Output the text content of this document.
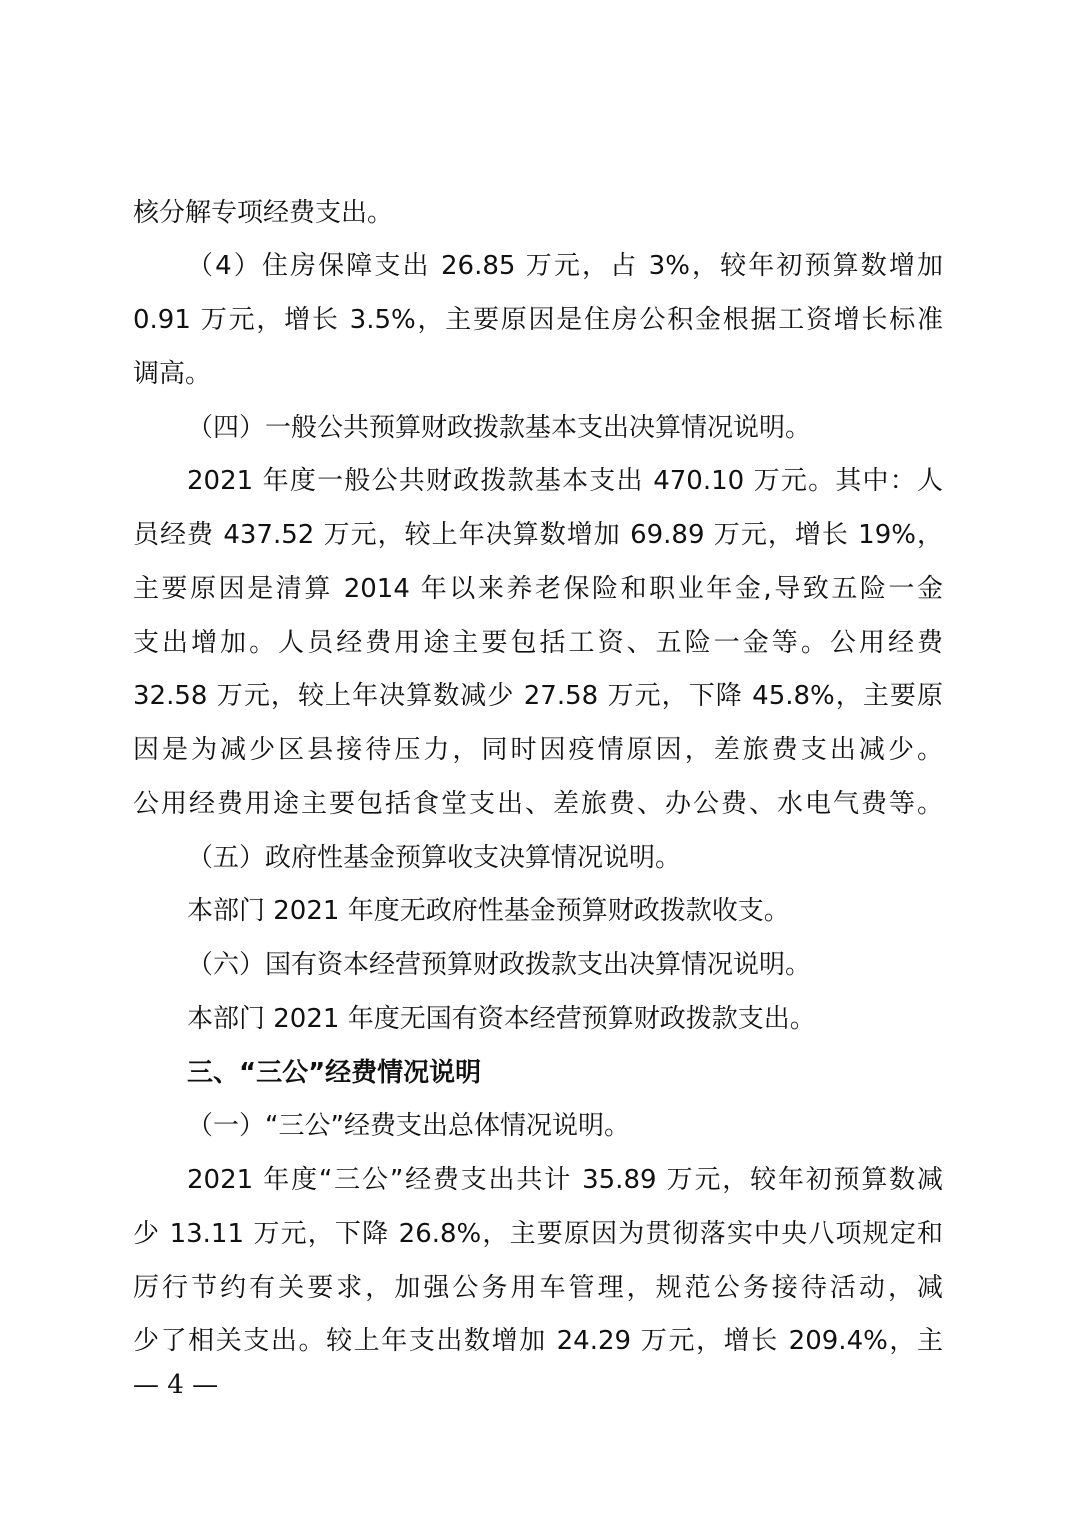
核分解专项经费支出。
（4）住房保障支出 26.85 万元，占 3%，较年初预算数增加
0.91 万元，增长 3.5%，主要原因是住房公积金根据工资增长标准
调高。
（四）一般公共预算财政拨款基本支出决算情况说明。
2021 年度一般公共财政拨款基本支出 470.10 万元。其中：人
员经费 437.52 万元，较上年决算数增加 69.89 万元，增长 19%，
主要原因是清算 2014 年以来养老保险和职业年金,导致五险一金
支出增加。人员经费用途主要包括工资、五险一金等。公用经费
32.58 万元，较上年决算数减少 27.58 万元，下降 45.8%，主要原
因是为减少区县接待压力，同时因疫情原因，差旅费支出减少。
公用经费用途主要包括食堂支出、差旅费、办公费、水电气费等。
（五）政府性基金预算收支决算情况说明。
本部门 2021 年度无政府性基金预算财政拨款收支。
（六）国有资本经营预算财政拨款支出决算情况说明。
本部门 2021 年度无国有资本经营预算财政拨款支出。
三、“三公”经费情况说明
（一）“三公”经费支出总体情况说明。
2021 年度“三公”经费支出共计 35.89 万元，较年初预算数减
少 13.11 万元，下降 26.8%，主要原因为贯彻落实中央八项规定和
厉行节约有关要求，加强公务用车管理，规范公务接待活动，减
少了相关支出。较上年支出数增加 24.29 万元，增长 209.4%，主
— 4 —
